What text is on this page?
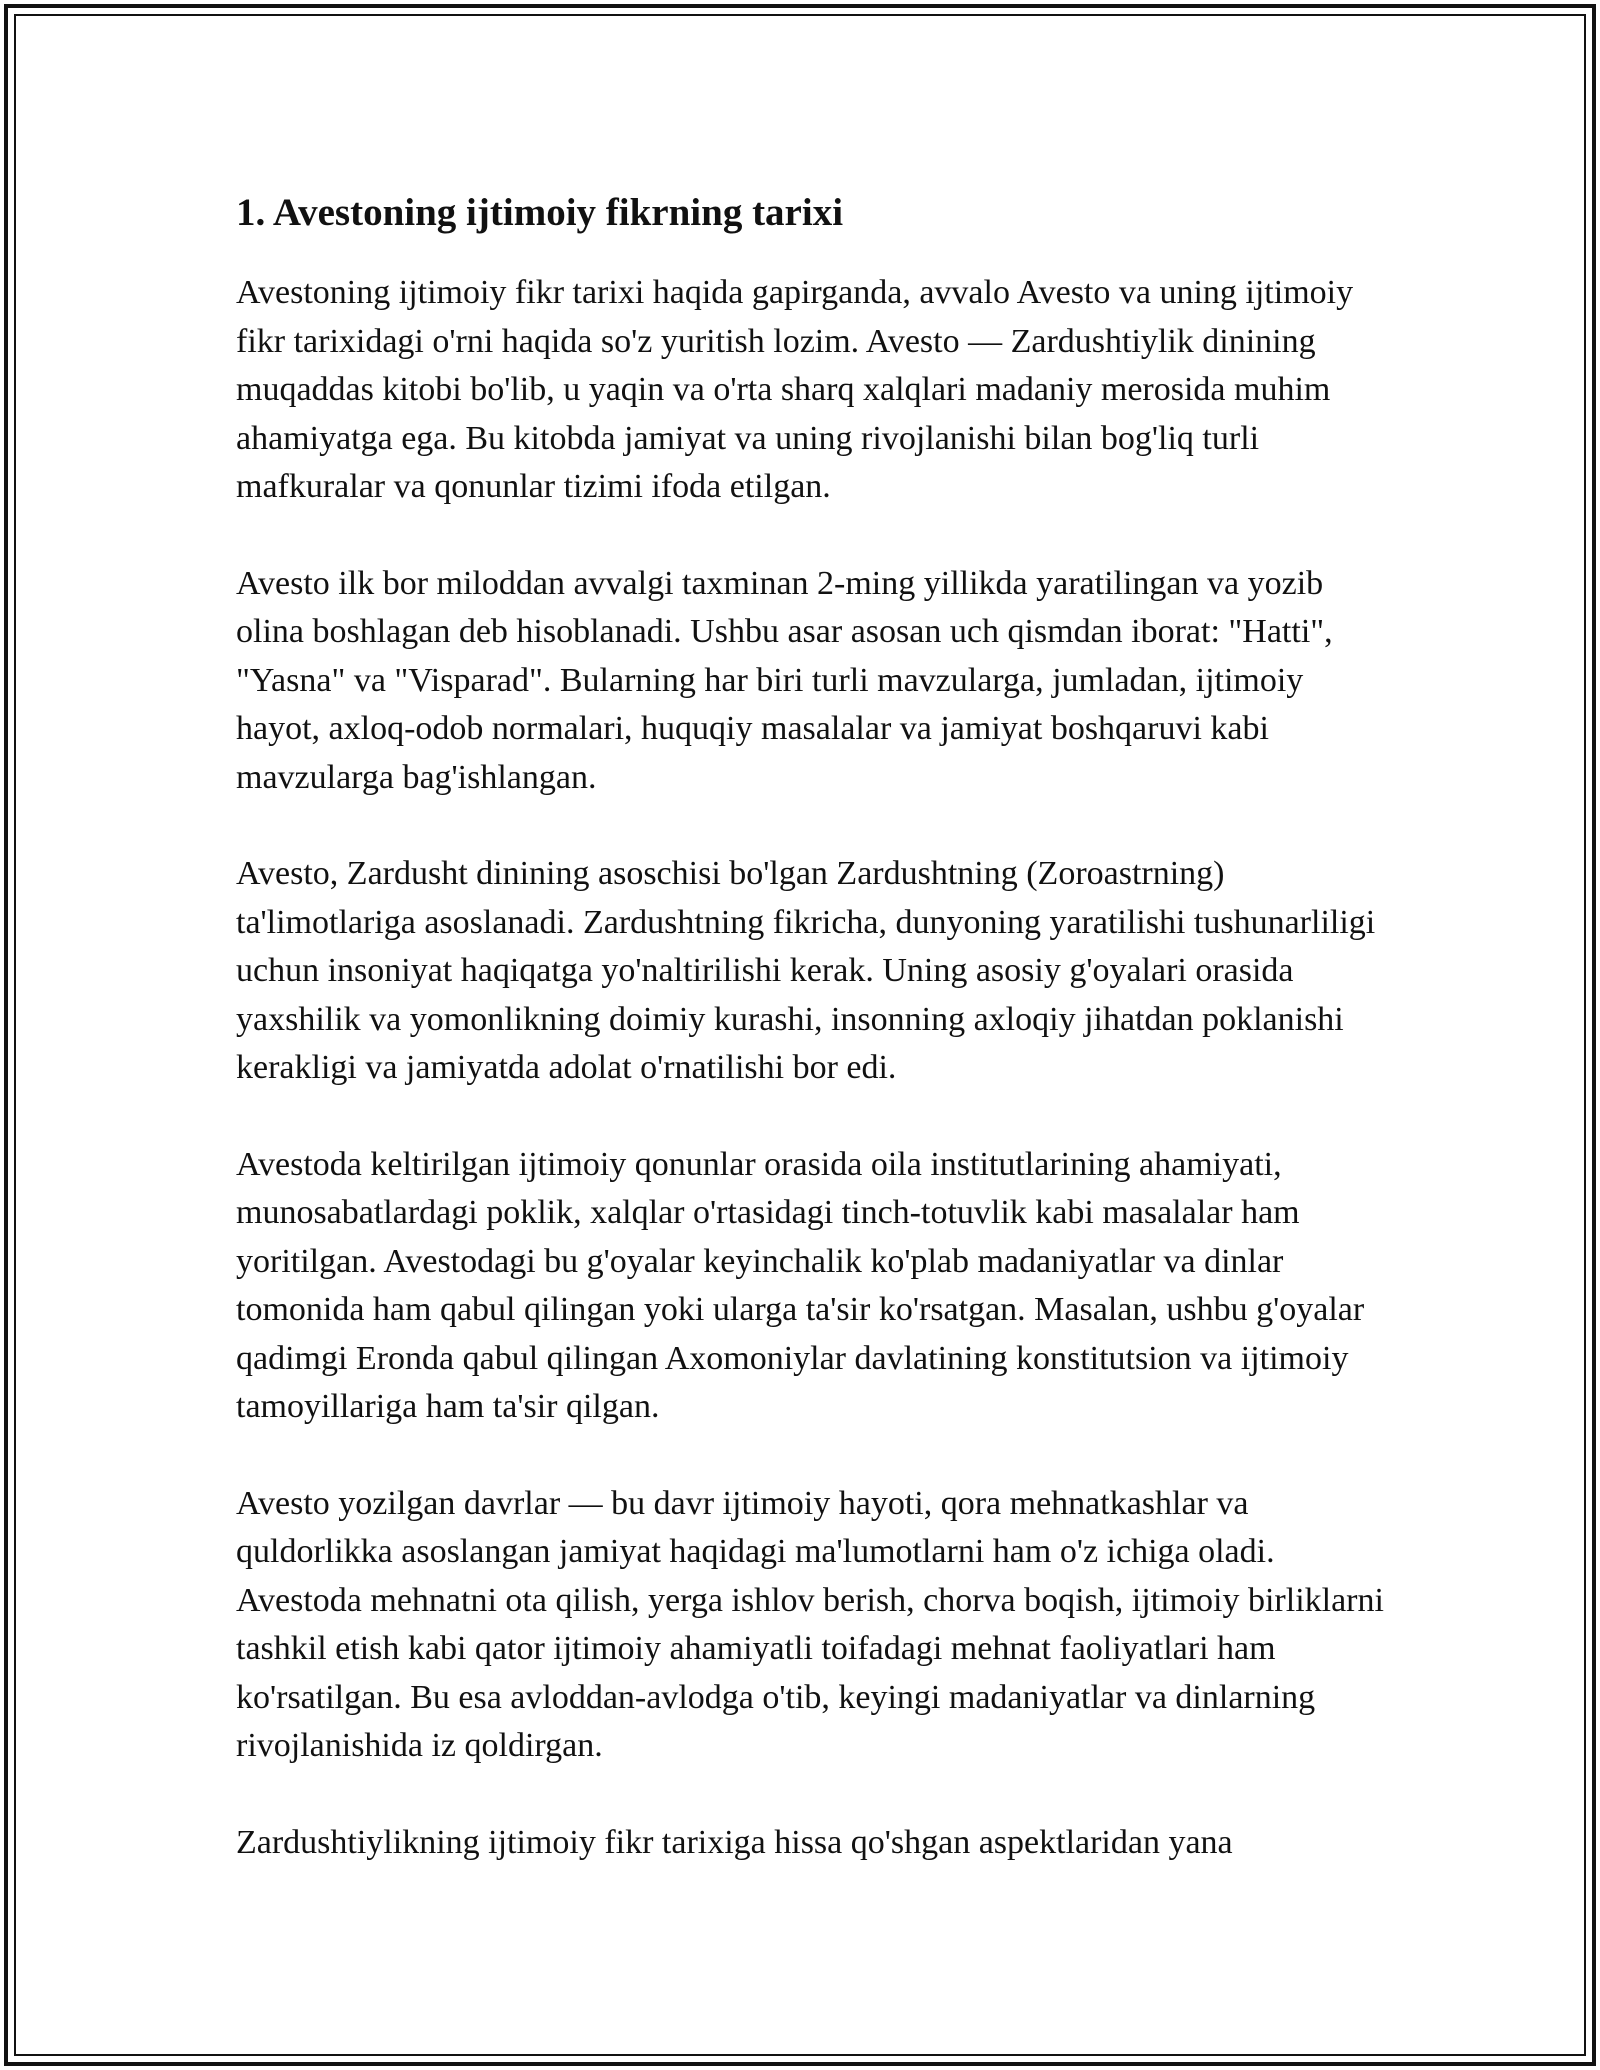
1. Avestoning ijtimoiy fikrning tarixi

Avestoning ijtimoiy fikr tarixi haqida gapirganda, avvalo Avesto va uning ijtimoiy fikr tarixidagi o'rni haqida so'z yuritish lozim. Avesto — Zardushtiylik dinining muqaddas kitobi bo'lib, u yaqin va o'rta sharq xalqlari madaniy merosida muhim ahamiyatga ega. Bu kitobda jamiyat va uning rivojlanishi bilan bog'liq turli mafkuralar va qonunlar tizimi ifoda etilgan.

Avesto ilk bor miloddan avvalgi taxminan 2-ming yillikda yaratilingan va yozib olina boshlagan deb hisoblanadi. Ushbu asar asosan uch qismdan iborat: "Hatti", "Yasna" va "Visparad". Bularning har biri turli mavzularga, jumladan, ijtimoiy hayot, axloq-odob normalari, huquqiy masalalar va jamiyat boshqaruvi kabi mavzularga bag'ishlangan.

Avesto, Zardusht dinining asoschisi bo'lgan Zardushtning (Zoroastrning) ta'limotlariga asoslanadi. Zardushtning fikricha, dunyoning yaratilishi tushunarliligi uchun insoniyat haqiqatga yo'naltirilishi kerak. Uning asosiy g'oyalari orasida yaxshilik va yomonlikning doimiy kurashi, insonning axloqiy jihatdan poklanishi kerakligi va jamiyatda adolat o'rnatilishi bor edi.

Avestoda keltirilgan ijtimoiy qonunlar orasida oila institutlarining ahamiyati, munosabatlardagi poklik, xalqlar o'rtasidagi tinch-totuvlik kabi masalalar ham yoritilgan. Avestodagi bu g'oyalar keyinchalik ko'plab madaniyatlar va dinlar tomonida ham qabul qilingan yoki ularga ta'sir ko'rsatgan. Masalan, ushbu g'oyalar qadimgi Eronda qabul qilingan Axomoniylar davlatining konstitutsion va ijtimoiy tamoyillariga ham ta'sir qilgan.

Avesto yozilgan davrlar — bu davr ijtimoiy hayoti, qora mehnatkashlar va quldorlikka asoslangan jamiyat haqidagi ma'lumotlarni ham o'z ichiga oladi. Avestoda mehnatni ota qilish, yerga ishlov berish, chorva boqish, ijtimoiy birliklarni tashkil etish kabi qator ijtimoiy ahamiyatli toifadagi mehnat faoliyatlari ham ko'rsatilgan. Bu esa avloddan-avlodga o'tib, keyingi madaniyatlar va dinlarning rivojlanishida iz qoldirgan.

Zardushtiylikning ijtimoiy fikr tarixiga hissa qo'shgan aspektlaridan yana
